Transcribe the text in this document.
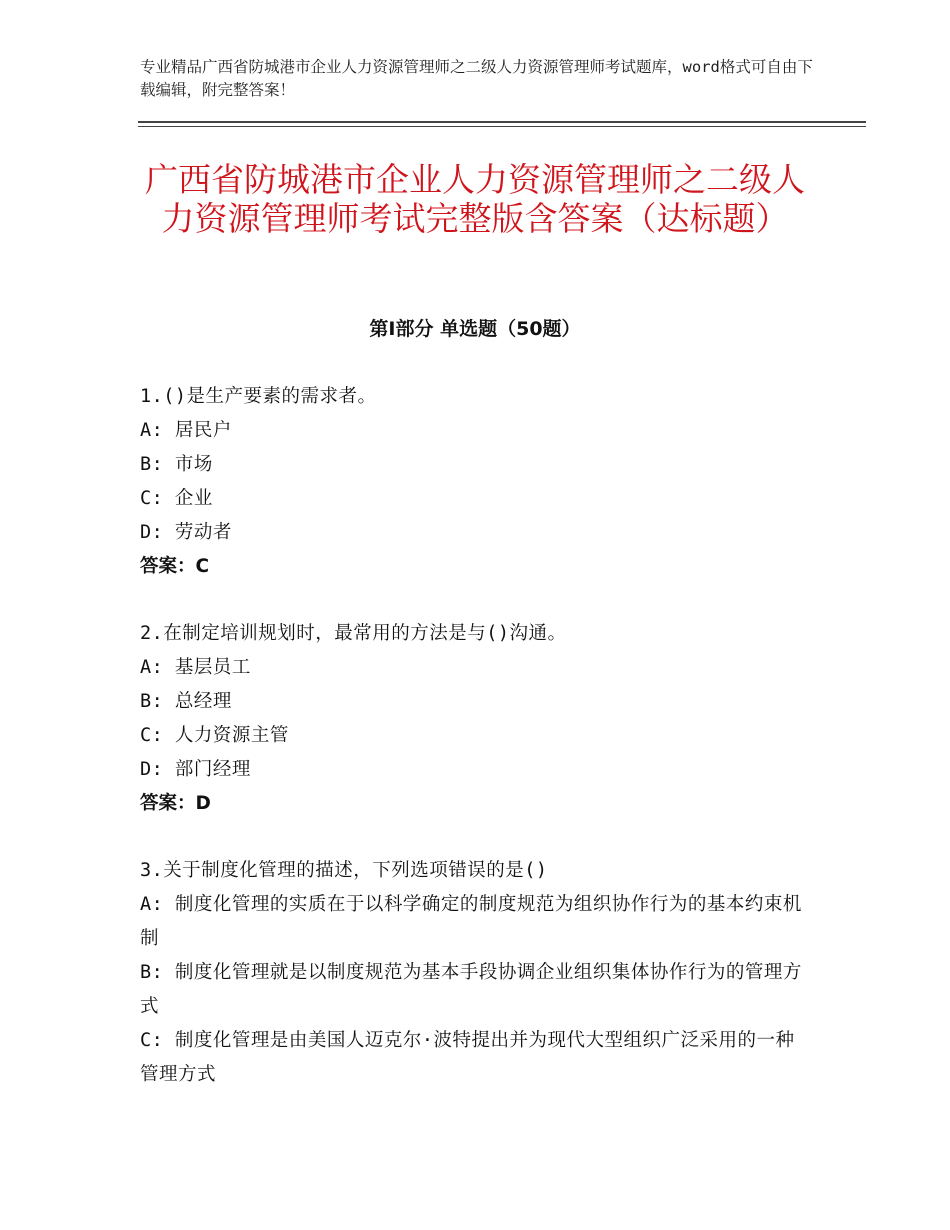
专业精品广西省防城港市企业人力资源管理师之二级人力资源管理师考试题库，word格式可自由下载编辑，附完整答案！
广西省防城港市企业人力资源管理师之二级人力资源管理师考试完整版含答案（达标题）
第Ⅰ部分 单选题（50题）
1.()是生产要素的需求者。
A: 居民户
B: 市场
C: 企业
D: 劳动者
答案：C
2.在制定培训规划时，最常用的方法是与()沟通。
A: 基层员工
B: 总经理
C: 人力资源主管
D: 部门经理
答案：D
3.关于制度化管理的描述，下列选项错误的是()
A: 制度化管理的实质在于以科学确定的制度规范为组织协作行为的基本约束机制
B: 制度化管理就是以制度规范为基本手段协调企业组织集体协作行为的管理方式
C: 制度化管理是由美国人迈克尔·波特提出并为现代大型组织广泛采用的一种管理方式
